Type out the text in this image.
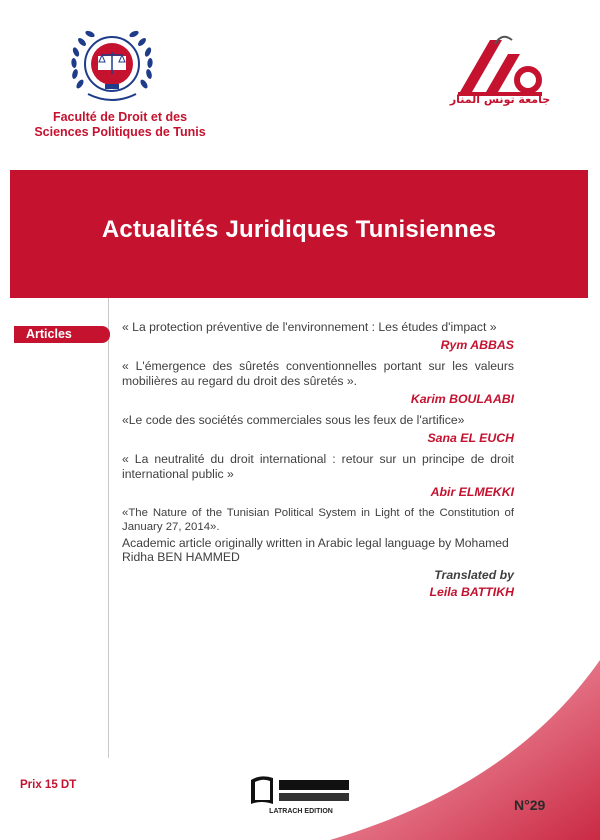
Faculté de Droit et des
Sciences Politiques de Tunis
جامعة تونس المنار
Actualités Juridiques Tunisiennes
Articles	« La protection préventive de l'environnement : Les études d'impact »
Rym ABBAS
« L'émergence des sûretés conventionnelles portant sur les valeurs mobilières au regard du droit des sûretés ».
Karim BOULAABI
«Le code des sociétés commerciales sous les feux de l'artifice»
Sana EL EUCH
« La neutralité du droit international : retour sur un principe de droit international public »
Abir ELMEKKI
«The Nature of the Tunisian Political System in Light of the Constitution of January 27, 2014».
Academic article originally written in Arabic legal language by Mohamed Ridha BEN HAMMED
Translated by
Leila BATTIKH
Prix 15 DT
LATRACH EDITION	N°29
